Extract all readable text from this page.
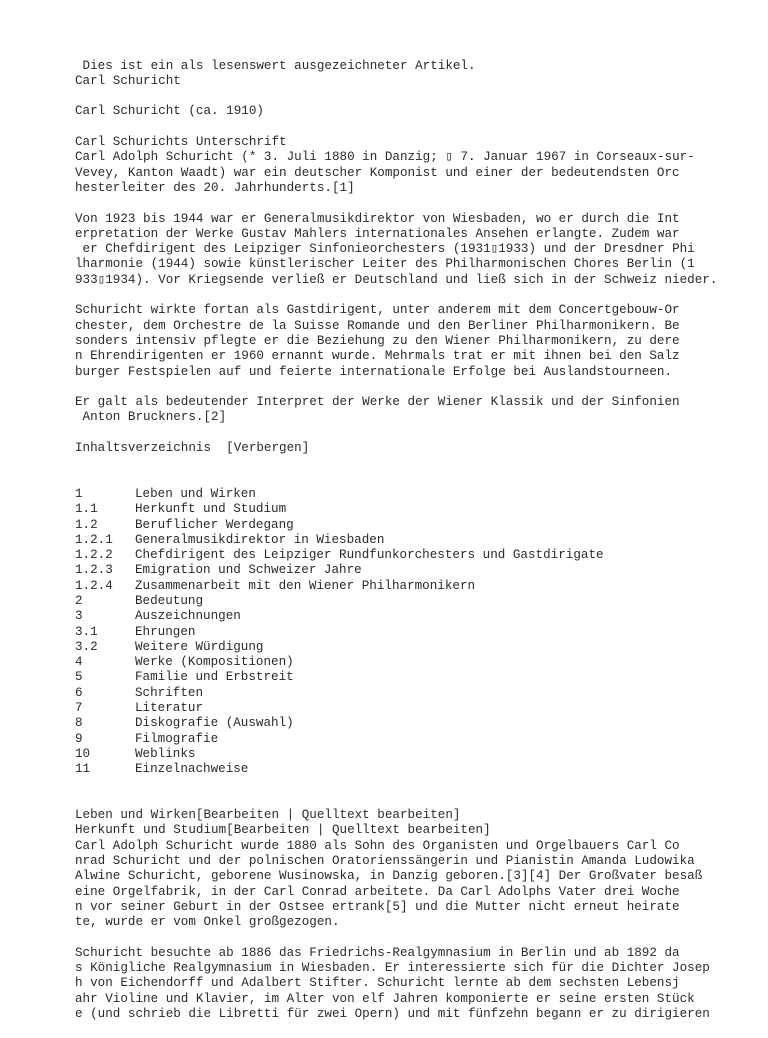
Dies ist ein als lesenswert ausgezeichneter Artikel.
Carl Schuricht
Carl Schuricht (ca. 1910)
Carl Schurichts Unterschrift
Carl Adolph Schuricht (* 3. Juli 1880 in Danzig; ▯ 7. Januar 1967 in Corseaux-sur-
Vevey, Kanton Waadt) war ein deutscher Komponist und einer der bedeutendsten Orc
hesterleiter des 20. Jahrhunderts.[1]
Von 1923 bis 1944 war er Generalmusikdirektor von Wiesbaden, wo er durch die Int
erpretation der Werke Gustav Mahlers internationales Ansehen erlangte. Zudem war
er Chefdirigent des Leipziger Sinfonieorchesters (1931▯1933) und der Dresdner Phi
lharmonie (1944) sowie künstlerischer Leiter des Philharmonischen Chores Berlin (1
933▯1934). Vor Kriegsende verließ er Deutschland und ließ sich in der Schweiz nieder.
Schuricht wirkte fortan als Gastdirigent, unter anderem mit dem Concertgebouw-Or
chester, dem Orchestre de la Suisse Romande und den Berliner Philharmonikern. Be
sonders intensiv pflegte er die Beziehung zu den Wiener Philharmonikern, zu dere
n Ehrendirigenten er 1960 ernannt wurde. Mehrmals trat er mit ihnen bei den Salz
burger Festspielen auf und feierte internationale Erfolge bei Auslandstourneen.
Er galt als bedeutender Interpret der Werke der Wiener Klassik und der Sinfonien
Anton Bruckners.[2]
Inhaltsverzeichnis  [Verbergen]

1	Leben und Wirken
1.1	Herkunft und Studium
1.2	Beruflicher Werdegang
1.2.1 Generalmusikdirektor in Wiesbaden
1.2.2 Chefdirigent des Leipziger Rundfunkorchesters und Gastdirigate
1.2.3 Emigration und Schweizer Jahre
1.2.4 Zusammenarbeit mit den Wiener Philharmonikern
2	Bedeutung
3	Auszeichnungen
3.1	Ehrungen
3.2	Weitere Würdigung
4	Werke (Kompositionen)
5	Familie und Erbstreit
6	Schriften
7	Literatur
8	Diskografie (Auswahl)
9	Filmografie
10	Weblinks
11	Einzelnachweise

Leben und Wirken[Bearbeiten | Quelltext bearbeiten]
Herkunft und Studium[Bearbeiten | Quelltext bearbeiten]
Carl Adolph Schuricht wurde 1880 als Sohn des Organisten und Orgelbauers Carl Co
nrad Schuricht und der polnischen Oratorienssängerin und Pianistin Amanda Ludowika
Alwine Schuricht, geborene Wusinowska, in Danzig geboren.[3][4] Der Großvater besaß
eine Orgelfabrik, in der Carl Conrad arbeitete. Da Carl Adolphs Vater drei Woche
n vor seiner Geburt in der Ostsee ertrank[5] und die Mutter nicht erneut heirate
te, wurde er vom Onkel großgezogen.
Schuricht besuchte ab 1886 das Friedrichs-Realgymnasium in Berlin und ab 1892 da
s Königliche Realgymnasium in Wiesbaden. Er interessierte sich für die Dichter Josep
h von Eichendorff und Adalbert Stifter. Schuricht lernte ab dem sechsten Lebensj
ahr Violine und Klavier, im Alter von elf Jahren komponierte er seine ersten Stück
e (und schrieb die Libretti für zwei Opern) und mit fünfzehn begann er zu dirigieren
